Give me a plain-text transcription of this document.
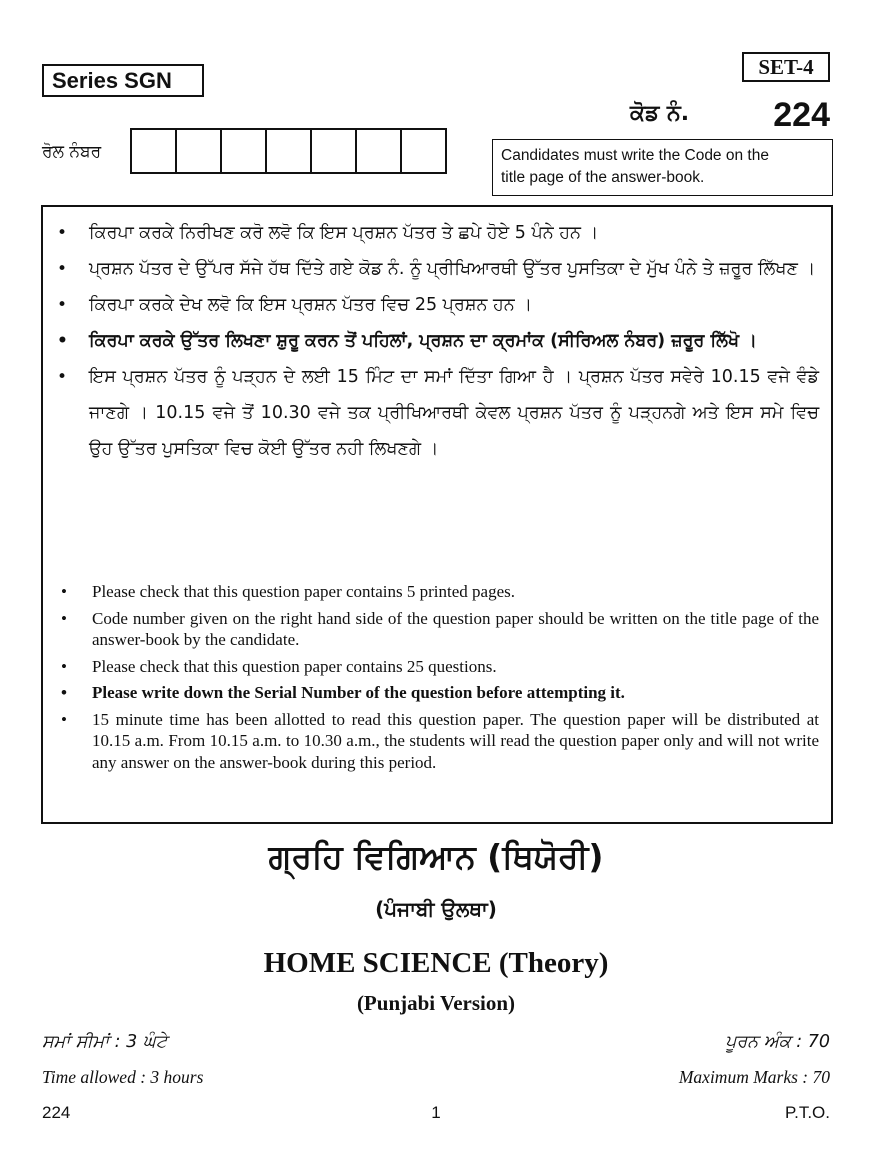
Series SGN
SET-4
ਕੋਡ ਨੰ.	224
ਰੋਲ ਨੰਬਰ	Candidates must write the Code on the
title page of the answer-book.
• ਕਿਰਪਾ ਕਰਕੇ ਨਿਰੀਖਣ ਕਰੋ ਲਵੋ ਕਿ ਇਸ ਪ੍ਰਸ਼ਨ ਪੱਤਰ ਤੇ ਛਪੇ ਹੋਏ 5 ਪੰਨੇ ਹਨ ।
• ਪ੍ਰਸ਼ਨ ਪੱਤਰ ਦੇ ਉੱਪਰ ਸੱਜੇ ਹੱਥ ਦਿੱਤੇ ਗਏ ਕੋਡ ਨੰ. ਨੂੰ ਪ੍ਰੀਖਿਆਰਥੀ ਉੱਤਰ ਪੁਸਤਿਕਾ ਦੇ ਮੁੱਖ ਪੰਨੇ ਤੇ ਜ਼ਰੂਰ ਲਿੱਖਣ ।
• ਕਿਰਪਾ ਕਰਕੇ ਦੇਖ ਲਵੋ ਕਿ ਇਸ ਪ੍ਰਸ਼ਨ ਪੱਤਰ ਵਿਚ 25 ਪ੍ਰਸ਼ਨ ਹਨ ।
• ਕਿਰਪਾ ਕਰਕੇ ਉੱਤਰ ਲਿਖਣਾ ਸ਼ੁਰੂ ਕਰਨ ਤੋਂ ਪਹਿਲਾਂ, ਪ੍ਰਸ਼ਨ ਦਾ ਕ੍ਰਮਾਂਕ (ਸੀਰਿਅਲ ਨੰਬਰ) ਜ਼ਰੂਰ ਲਿੱਖੋ ।
• ਇਸ ਪ੍ਰਸ਼ਨ ਪੱਤਰ ਨੂੰ ਪੜ੍ਹਨ ਦੇ ਲਈ 15 ਮਿੰਟ ਦਾ ਸਮਾਂ ਦਿੱਤਾ ਗਿਆ ਹੈ । ਪ੍ਰਸ਼ਨ ਪੱਤਰ ਸਵੇਰੇ 10.15 ਵਜੇ ਵੰਡੇ ਜਾਣਗੇ । 10.15 ਵਜੇ ਤੋਂ 10.30 ਵਜੇ ਤਕ ਪ੍ਰੀਖਿਆਰਥੀ ਕੇਵਲ ਪ੍ਰਸ਼ਨ ਪੱਤਰ ਨੂੰ ਪੜ੍ਹਨਗੇ ਅਤੇ ਇਸ ਸਮੇ ਵਿਚ ਉਹ ਉੱਤਰ ਪੁਸਤਿਕਾ ਵਿਚ ਕੋਈ ਉੱਤਰ ਨਹੀ ਲਿਖਣਗੇ ।
• Please check that this question paper contains 5 printed pages.
• Code number given on the right hand side of the question paper should be written on the title page of the answer-book by the candidate.
• Please check that this question paper contains 25 questions.
• Please write down the Serial Number of the question before attempting it.
• 15 minute time has been allotted to read this question paper. The question paper will be distributed at 10.15 a.m. From 10.15 a.m. to 10.30 a.m., the students will read the question paper only and will not write any answer on the answer-book during this period.
ਗ੍ਰਹਿ ਵਿਗਿਆਨ (ਥਿਯੋਰੀ)
(ਪੰਜਾਬੀ ਉਲਥਾ)
HOME SCIENCE (Theory)
(Punjabi Version)
ਸਮਾਂ ਸੀਮਾਂ : 3 ਘੰਟੇ	ਪੂਰਨ ਅੰਕ : 70
Time allowed : 3 hours	Maximum Marks : 70
224	1	P.T.O.
